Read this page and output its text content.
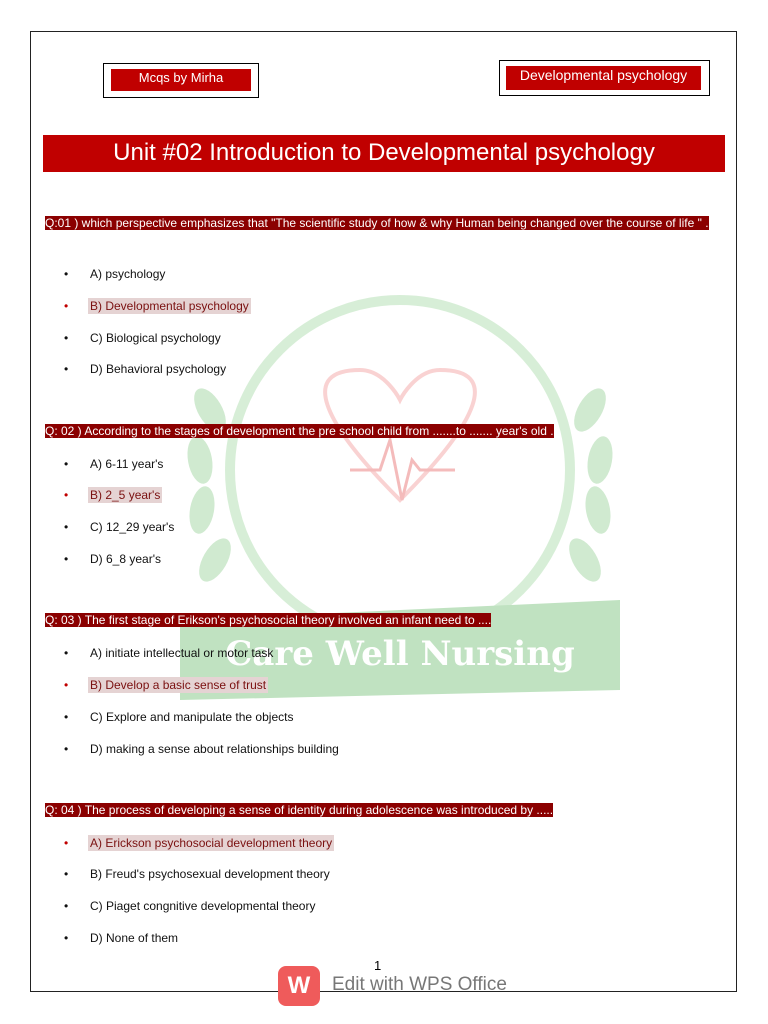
Care Well Nursing
Mcqs by Mirha	Developmental psychology
Unit #02 Introduction to Developmental psychology
Q:01 ) which perspective emphasizes that "The scientific study of how & why Human being changed over the course of life " .
•	A) psychology
•	B) Developmental psychology
•	C) Biological psychology
•	D) Behavioral psychology
Q: 02 ) According to the stages of development the pre school child from .......to ....... year's old .
•	A) 6-11 year's
•	B) 2_5 year's
•	C) 12_29 year's
•	D) 6_8 year's
Q: 03 ) The first stage of Erikson's psychosocial theory involved an infant need to ....
•	A) initiate intellectual or motor task
•	B) Develop a basic sense of trust
•	C) Explore and manipulate the objects
•	D) making a sense about relationships building
Q: 04 ) The process of developing a sense of identity during adolescence was introduced by .....
•	A) Erickson psychosocial development theory
•	B) Freud's psychosexual development theory
•	C) Piaget congnitive developmental theory
•	D) None of them
1
W	Edit with WPS Office
